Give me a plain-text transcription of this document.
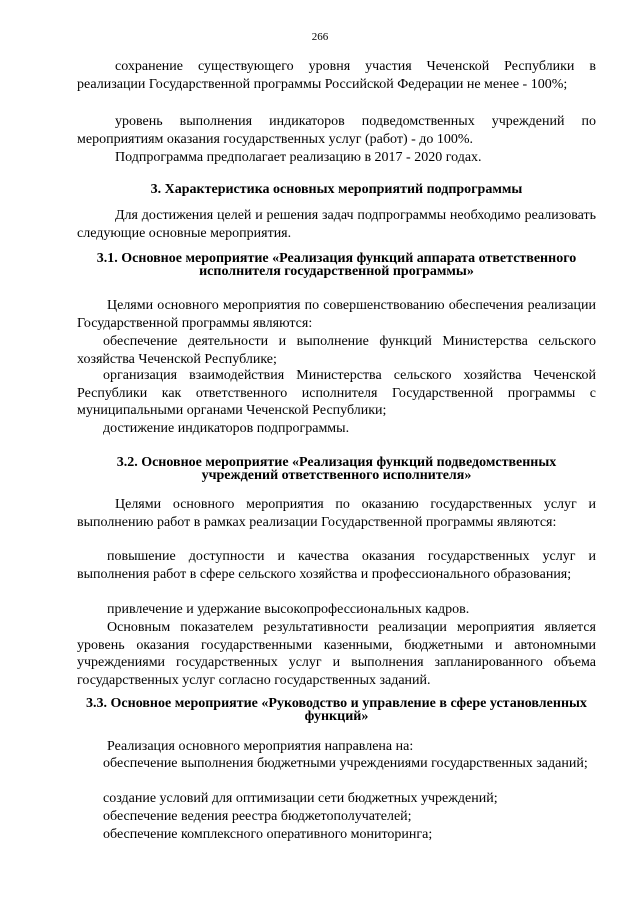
266

сохранение существующего уровня участия Чеченской Республики в реализации Государственной программы Российской Федерации не менее - 100%;

уровень выполнения индикаторов подведомственных учреждений по мероприятиям оказания государственных услуг (работ) - до 100%.

Подпрограмма предполагает реализацию в 2017 - 2020 годах.

3. Характеристика основных мероприятий подпрограммы

Для достижения целей и решения задач подпрограммы необходимо реализовать следующие основные мероприятия.

3.1. Основное мероприятие «Реализация функций аппарата ответственного исполнителя государственной программы»

Целями основного мероприятия по совершенствованию обеспечения реализации Государственной программы являются:

обеспечение деятельности и выполнение функций Министерства сельского хозяйства Чеченской Республике;

организация взаимодействия Министерства сельского хозяйства Чеченской Республики как ответственного исполнителя Государственной программы с муниципальными органами Чеченской Республики;

достижение индикаторов подпрограммы.

3.2. Основное мероприятие «Реализация функций подведомственных учреждений ответственного исполнителя»

Целями основного мероприятия по оказанию государственных услуг и выполнению работ в рамках реализации Государственной программы являются:

повышение доступности и качества оказания государственных услуг и выполнения работ в сфере сельского хозяйства и профессионального образования;

привлечение и удержание высокопрофессиональных кадров.

Основным показателем результативности реализации мероприятия является уровень оказания государственными казенными, бюджетными и автономными учреждениями государственных услуг и выполнения запланированного объема государственных услуг согласно государственных заданий.

3.3. Основное мероприятие «Руководство и управление в сфере установленных функций»

Реализация основного мероприятия направлена на:

обеспечение выполнения бюджетными учреждениями государственных заданий;

создание условий для оптимизации сети бюджетных учреждений;

обеспечение ведения реестра бюджетополучателей;

обеспечение комплексного оперативного мониторинга;
